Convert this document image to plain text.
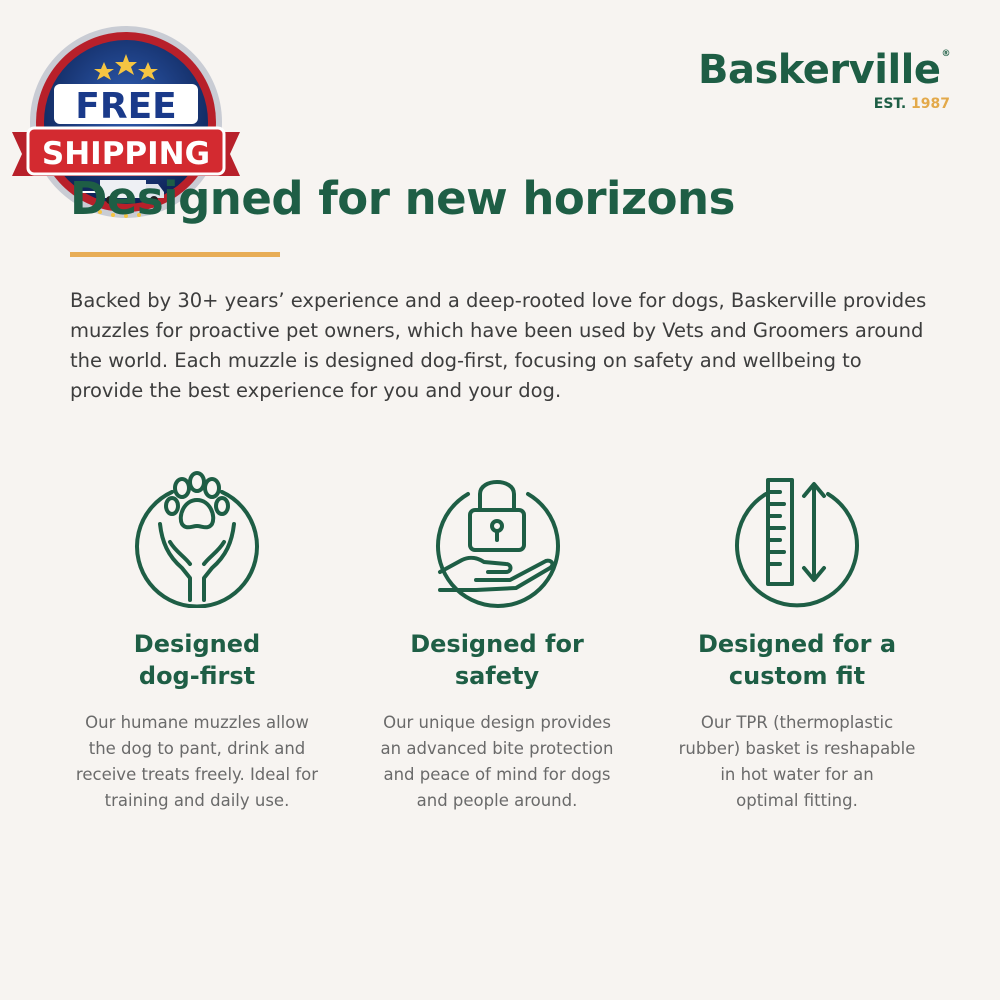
FREE
SHIPPING
Baskerville®
EST. 1987
Designed for new horizons

Backed by 30+ years’ experience and a deep-rooted love for dogs, Baskerville provides muzzles for proactive pet owners, which have been used by Vets and Groomers around the world. Each muzzle is designed dog-first, focusing on safety and wellbeing to provide the best experience for you and your dog.

Designed
dog-first

Our humane muzzles allow
the dog to pant, drink and
receive treats freely. Ideal for
training and daily use.

Designed for
safety

Our unique design provides
an advanced bite protection
and peace of mind for dogs
and people around.

Designed for a
custom fit

Our TPR (thermoplastic
rubber) basket is reshapable
in hot water for an
optimal fitting.
